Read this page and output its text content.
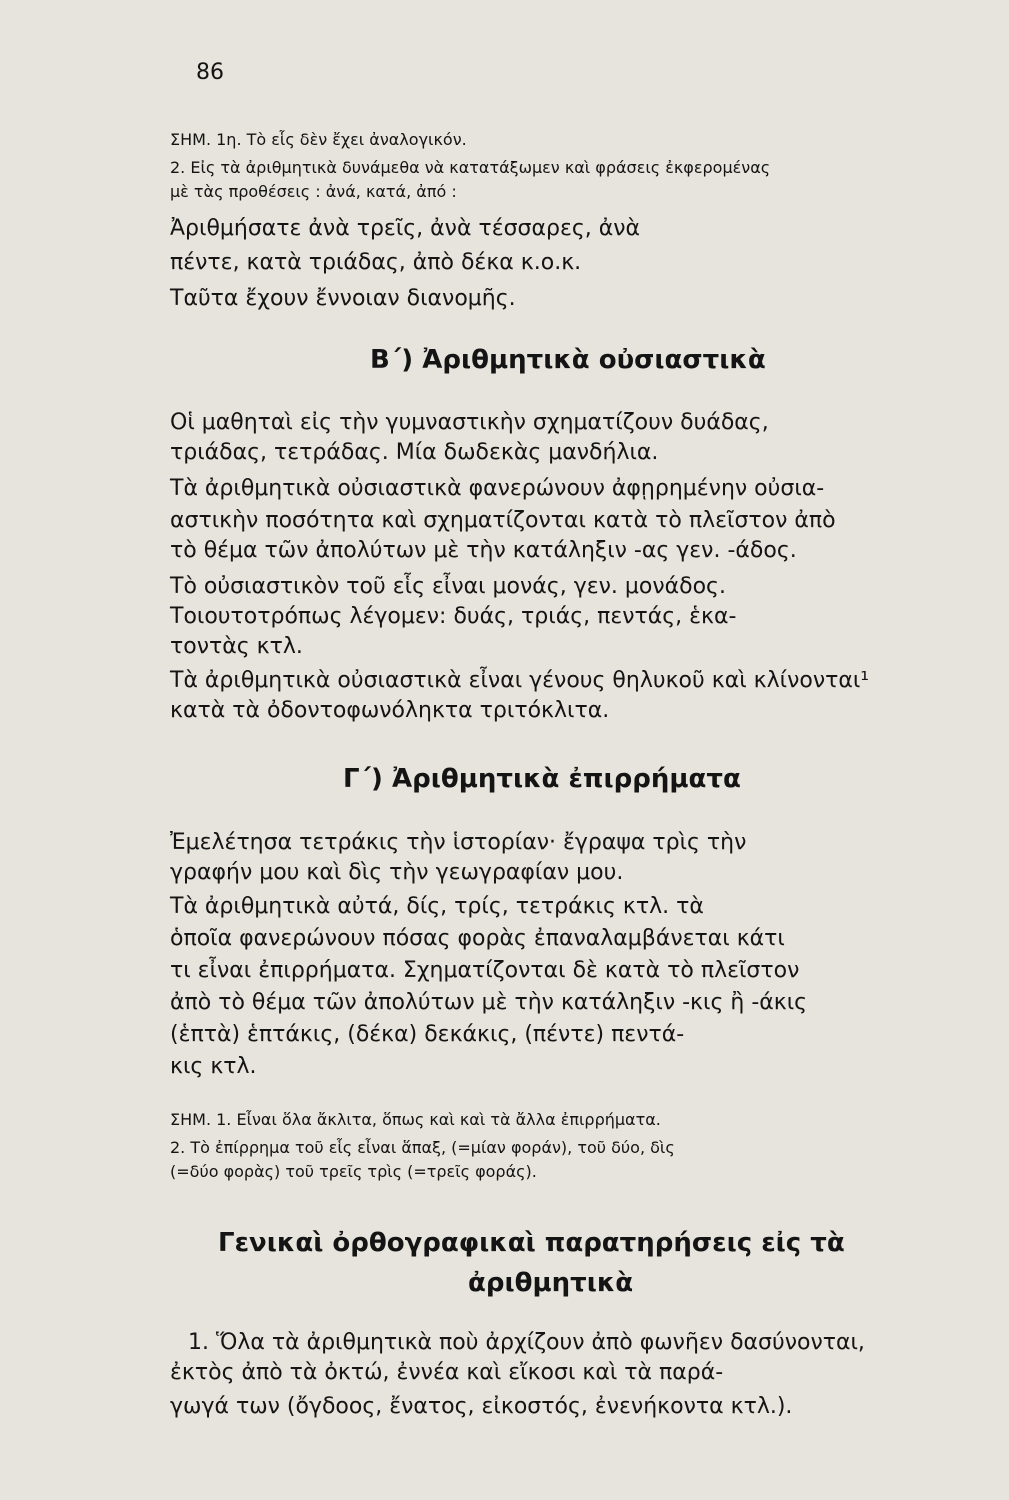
86

ΣΗΜ. 1η. Τὸ εἷς δὲν ἔχει ἀναλογικόν.

2. Εἰς τὰ ἀριθμητικὰ δυνάμεθα νὰ κατατάξωμεν καὶ φράσεις ἐκφερομένας

μὲ τὰς προθέσεις : ἀνά, κατά, ἀπό :

Ἀριθμήσατε ἀνὰ τρεῖς, ἀνὰ τέσσαρες, ἀνὰ

πέντε, κατὰ τριάδας, ἀπὸ δέκα κ.ο.κ.

Ταῦτα ἔχουν ἔννοιαν διανομῆς.

Β΄) Ἀριθμητικὰ οὐσιαστικὰ

Οἱ μαθηταὶ εἰς τὴν γυμναστικὴν σχηματίζουν δυάδας,

τριάδας, τετράδας. Μία δωδεκὰς μανδήλια.

Τὰ ἀριθμητικὰ οὐσιαστικὰ φανερώνουν ἀφῃρημένην οὐσια-

αστικὴν ποσότητα καὶ σχηματίζονται κατὰ τὸ πλεῖστον ἀπὸ

τὸ θέμα τῶν ἀπολύτων μὲ τὴν κατάληξιν -ας γεν. -άδος.

Τὸ οὐσιαστικὸν τοῦ εἷς εἶναι μονάς, γεν. μονάδος.

Τοιουτοτρόπως λέγομεν: δυάς, τριάς, πεντάς, ἑκα-

τοντὰς κτλ.

Τὰ ἀριθμητικὰ οὐσιαστικὰ εἶναι γένους θηλυκοῦ καὶ κλίνονται¹

κατὰ τὰ ὀδοντοφωνόληκτα τριτόκλιτα.

Γ΄) Ἀριθμητικὰ ἐπιρρήματα

Ἐμελέτησα τετράκις τὴν ἱστορίαν· ἔγραψα τρὶς τὴν

γραφήν μου καὶ δὶς τὴν γεωγραφίαν μου.

Τὰ ἀριθμητικὰ αὐτά, δίς, τρίς, τετράκις κτλ. τὰ

ὁποῖα φανερώνουν πόσας φορὰς ἐπαναλαμβάνεται κάτι

τι εἶναι ἐπιρρήματα. Σχηματίζονται δὲ κατὰ τὸ πλεῖστον

ἀπὸ τὸ θέμα τῶν ἀπολύτων μὲ τὴν κατάληξιν -κις ἢ -άκις

(ἑπτὰ) ἑπτάκις, (δέκα) δεκάκις, (πέντε) πεντά-

κις κτλ.

ΣΗΜ. 1. Εἶναι ὅλα ἄκλιτα, ὅπως καὶ καὶ τὰ ἄλλα ἐπιρρήματα.

2. Τὸ ἐπίρρημα τοῦ εἷς εἶναι ἅπαξ, (=μίαν φοράν), τοῦ δύο, δὶς

(=δύο φορὰς) τοῦ τρεῖς τρὶς (=τρεῖς φοράς).

Γενικαὶ ὀρθογραφικαὶ παρατηρήσεις εἰς τὰ

ἀριθμητικὰ

1. Ὅλα τὰ ἀριθμητικὰ ποὺ ἀρχίζουν ἀπὸ φωνῆεν δασύνονται,

ἐκτὸς ἀπὸ τὰ ὀκτώ, ἐννέα καὶ εἴκοσι καὶ τὰ παρά-

γωγά των (ὄγδοος, ἔνατος, εἰκοστός, ἐνενήκοντα κτλ.).
